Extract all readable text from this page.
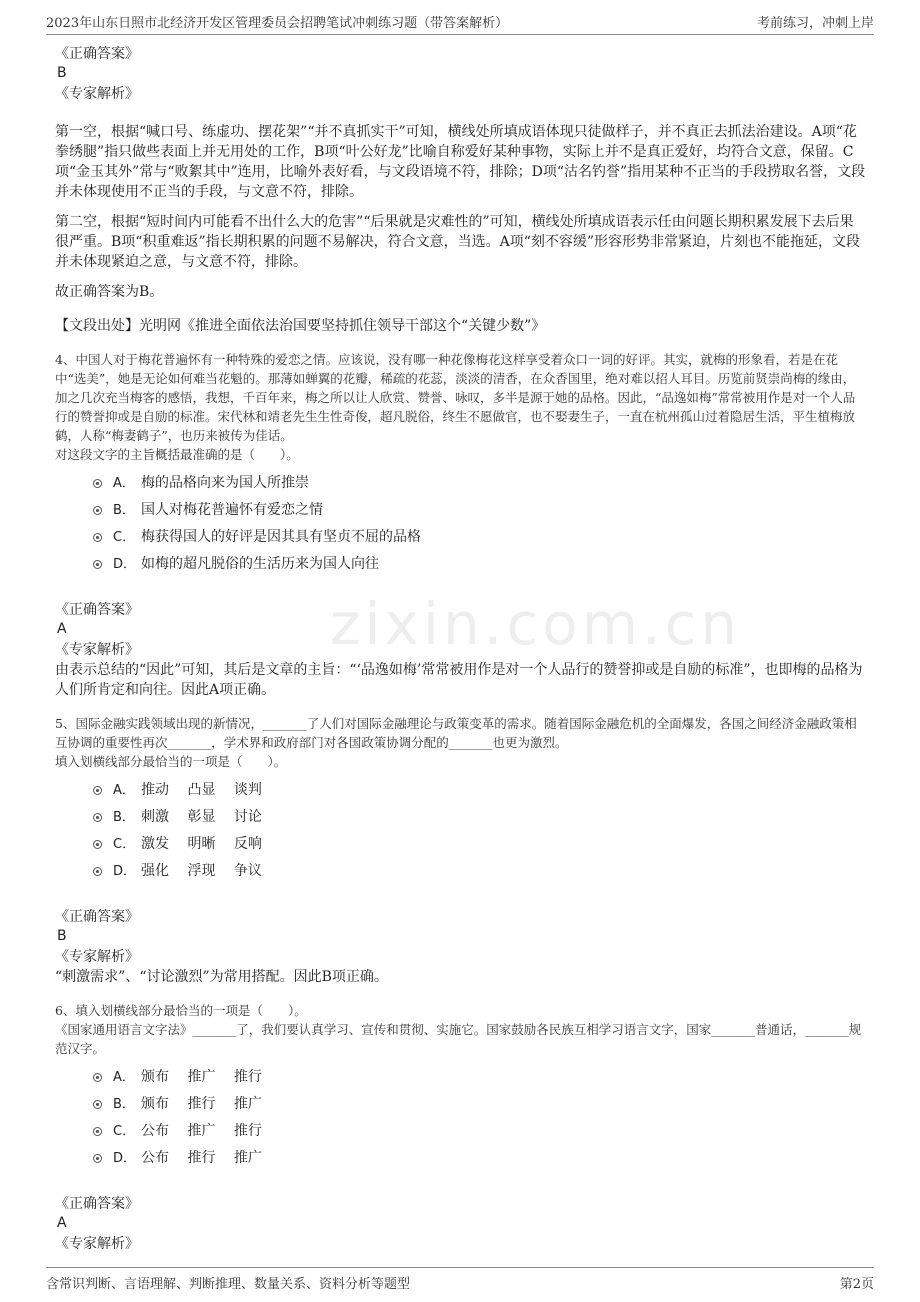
2023年山东日照市北经济开发区管理委员会招聘笔试冲刺练习题（带答案解析）	考前练习，冲刺上岸
zixin.com.cn

《正确答案》

B

《专家解析》

第一空，根据“喊口号、练虚功、摆花架”“并不真抓实干”可知，横线处所填成语体现只徒做样子，并不真正去抓法治建设。A项“花拳绣腿”指只做些表面上并无用处的工作，B项“叶公好龙”比喻自称爱好某种事物，实际上并不是真正爱好，均符合文意，保留。C项“金玉其外”常与“败絮其中”连用，比喻外表好看，与文段语境不符，排除；D项“沽名钓誉”指用某种不正当的手段捞取名誉，文段并未体现使用不正当的手段，与文意不符，排除。

第二空，根据“短时间内可能看不出什么大的危害”“后果就是灾难性的”可知，横线处所填成语表示任由问题长期积累发展下去后果很严重。B项“积重难返”指长期积累的问题不易解决，符合文意，当选。A项“刻不容缓”形容形势非常紧迫，片刻也不能拖延，文段并未体现紧迫之意，与文意不符，排除。

故正确答案为B。

【文段出处】光明网《推进全面依法治国要坚持抓住领导干部这个“关键少数”》

4、中国人对于梅花普遍怀有一种特殊的爱恋之情。应该说，没有哪一种花像梅花这样享受着众口一词的好评。其实，就梅的形象看，若是在花中“选美”，她是无论如何难当花魁的。那薄如蝉翼的花瓣，稀疏的花蕊，淡淡的清香，在众香国里，绝对难以招人耳目。历览前贤崇尚梅的缘由，加之几次充当梅客的感悟，我想，千百年来，梅之所以让人欣赏、赞誉、咏叹，多半是源于她的品格。因此，“品逸如梅”常常被用作是对一个人品行的赞誉抑或是自励的标准。宋代林和靖老先生生性奇俊，超凡脱俗，终生不愿做官，也不娶妻生子，一直在杭州孤山过着隐居生活，平生植梅放鹤，人称“梅妻鹤子”，也历来被传为佳话。

对这段文字的主旨概括最准确的是（　　）。

A． 梅的品格向来为国人所推崇
B． 国人对梅花普遍怀有爱恋之情
C． 梅获得国人的好评是因其具有坚贞不屈的品格
D． 如梅的超凡脱俗的生活历来为国人向往

《正确答案》

A

《专家解析》

由表示总结的“因此”可知，其后是文章的主旨：“‘品逸如梅’常常被用作是对一个人品行的赞誉抑或是自励的标准”，也即梅的品格为人们所肯定和向往。因此A项正确。

5、国际金融实践领域出现的新情况，_______了人们对国际金融理论与政策变革的需求。随着国际金融危机的全面爆发，各国之间经济金融政策相互协调的重要性再次_______，学术界和政府部门对各国政策协调分配的_______也更为激烈。

填入划横线部分最恰当的一项是（　　）。

A． 推动　 凸显　 谈判
B． 刺激　 彰显　 讨论
C． 激发　 明晰　 反响
D． 强化　 浮现　 争议

《正确答案》

B

《专家解析》

“刺激需求”、“讨论激烈”为常用搭配。因此B项正确。

6、填入划横线部分最恰当的一项是（　　）。

《国家通用语言文字法》_______了，我们要认真学习、宣传和贯彻、实施它。国家鼓励各民族互相学习语言文字，国家_______普通话，_______规范汉字。

A． 颁布　 推广　 推行
B． 颁布　 推行　 推广
C． 公布　 推广　 推行
D． 公布　 推行　 推广

《正确答案》

A

《专家解析》

含常识判断、言语理解、判断推理、数量关系、资料分析等题型	第2页
